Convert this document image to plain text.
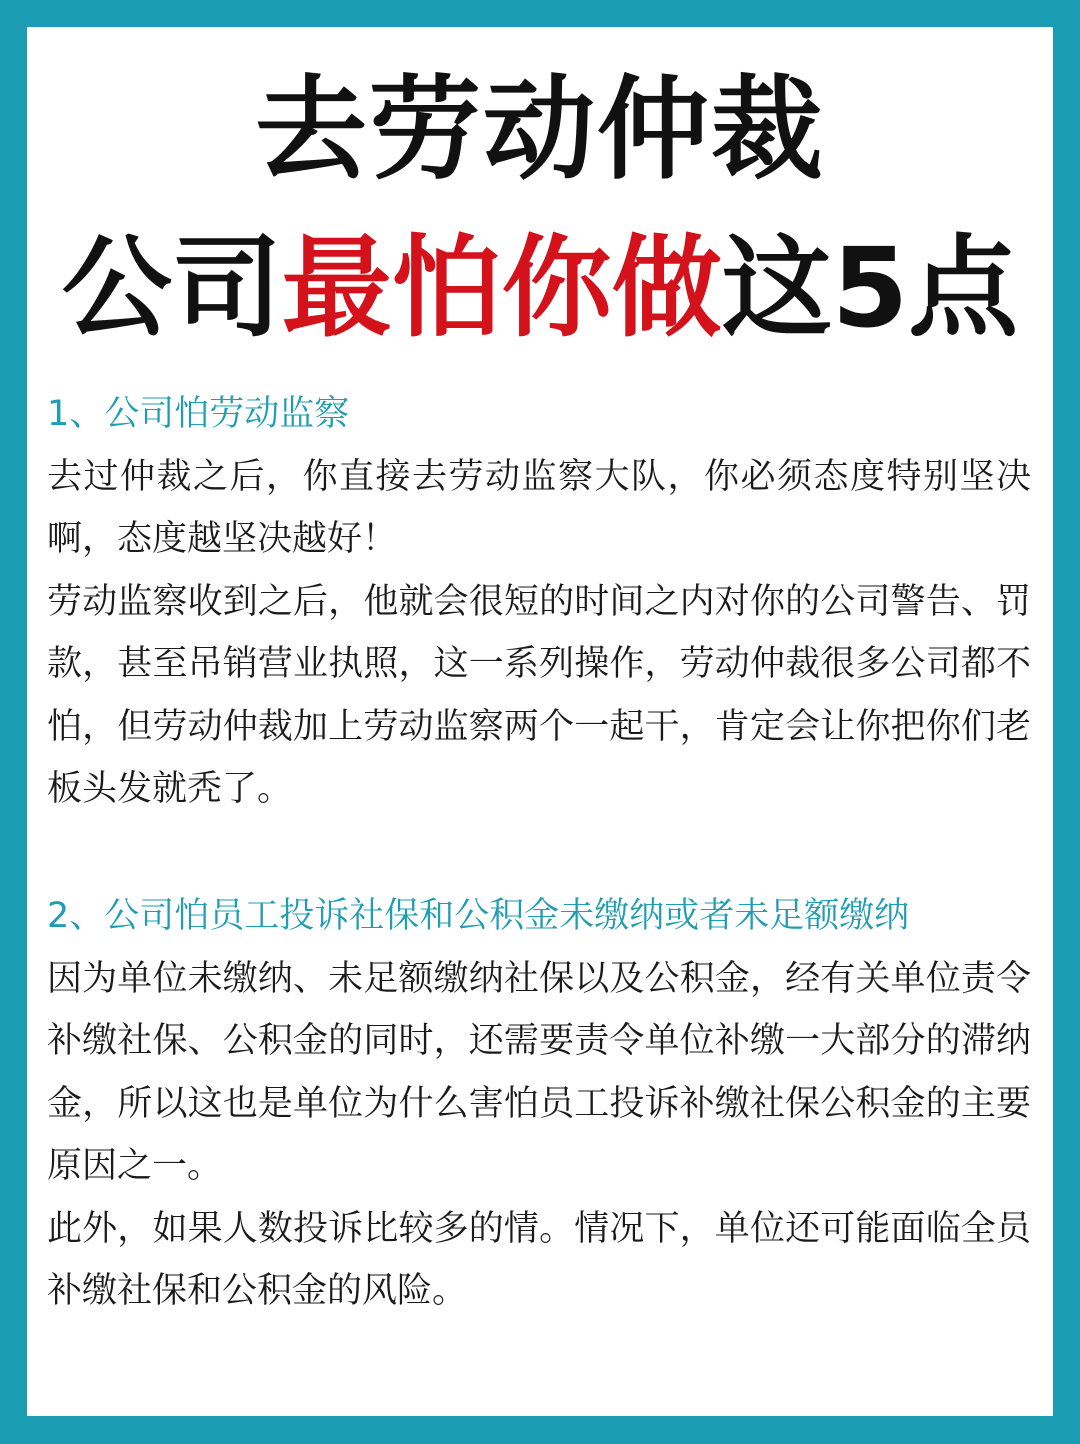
去劳动仲裁
公司最怕你做这5点
1、公司怕劳动监察

去过仲裁之后，你直接去劳动监察大队，你必须态度特别坚决啊，态度越坚决越好！

劳动监察收到之后，他就会很短的时间之内对你的公司警告、罚款，甚至吊销营业执照，这一系列操作，劳动仲裁很多公司都不怕，但劳动仲裁加上劳动监察两个一起干，肯定会让你把你们老板头发就秃了。

2、公司怕员工投诉社保和公积金未缴纳或者未足额缴纳

因为单位未缴纳、未足额缴纳社保以及公积金，经有关单位责令补缴社保、公积金的同时，还需要责令单位补缴一大部分的滞纳金，所以这也是单位为什么害怕员工投诉补缴社保公积金的主要原因之一。

此外，如果人数投诉比较多的情。情况下，单位还可能面临全员补缴社保和公积金的风险。
